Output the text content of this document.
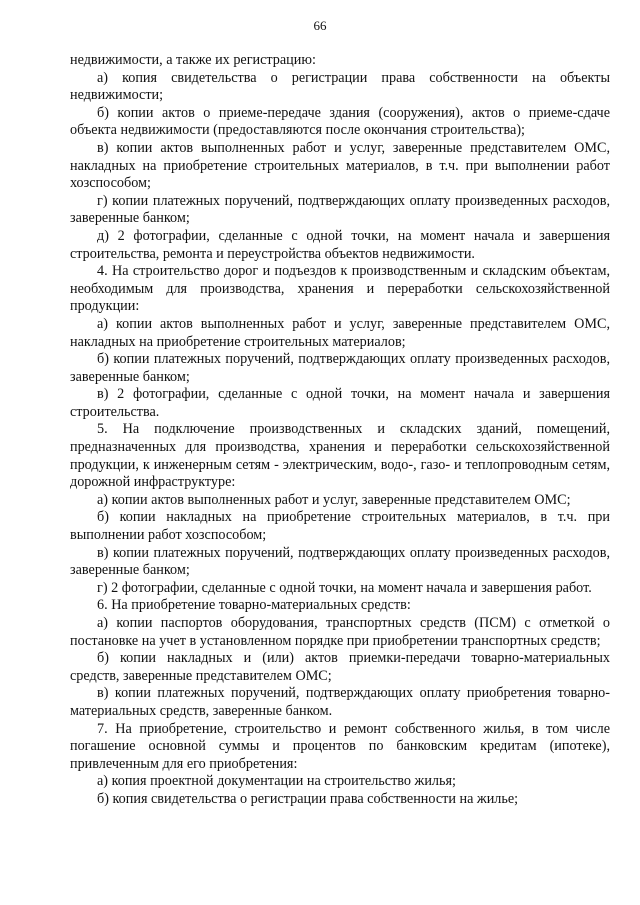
66

недвижимости, а также их регистрацию:

а) копия свидетельства о регистрации права собственности на объекты недвижимости;

б) копии актов о приеме-передаче здания (сооружения), актов о приеме-сдаче объекта недвижимости (предоставляются после окончания строительства);

в) копии актов выполненных работ и услуг, заверенные представителем ОМС, накладных на приобретение строительных материалов, в т.ч. при выполнении работ хозспособом;

г) копии платежных поручений, подтверждающих оплату произведенных расходов, заверенные банком;

д) 2 фотографии, сделанные с одной точки, на момент начала и завершения строительства, ремонта и переустройства объектов недвижимости.

4. На строительство дорог и подъездов к производственным и складским объектам, необходимым для производства, хранения и переработки сельскохозяйственной продукции:

а) копии актов выполненных работ и услуг, заверенные представителем ОМС, накладных на приобретение строительных материалов;

б) копии платежных поручений, подтверждающих оплату произведенных расходов, заверенные банком;

в) 2 фотографии, сделанные с одной точки, на момент начала и завершения строительства.

5. На подключение производственных и складских зданий, помещений, предназначенных для производства, хранения и переработки сельскохозяйственной продукции, к инженерным сетям - электрическим, водо-, газо- и теплопроводным сетям, дорожной инфраструктуре:

а) копии актов выполненных работ и услуг, заверенные представителем ОМС;

б) копии накладных на приобретение строительных материалов, в т.ч. при выполнении работ хозспособом;

в) копии платежных поручений, подтверждающих оплату произведенных расходов, заверенные банком;

г) 2 фотографии, сделанные с одной точки, на момент начала и завершения работ.

6. На приобретение товарно-материальных средств:

а) копии паспортов оборудования, транспортных средств (ПСМ) с отметкой о постановке на учет в установленном порядке при приобретении транспортных средств;

б) копии накладных и (или) актов приемки-передачи товарно-материальных средств, заверенные представителем ОМС;

в) копии платежных поручений, подтверждающих оплату приобретения товарно-материальных средств, заверенные банком.

7. На приобретение, строительство и ремонт собственного жилья, в том числе погашение основной суммы и процентов по банковским кредитам (ипотеке), привлеченным для его приобретения:

а) копия проектной документации на строительство жилья;

б) копия свидетельства о регистрации права собственности на жилье;
